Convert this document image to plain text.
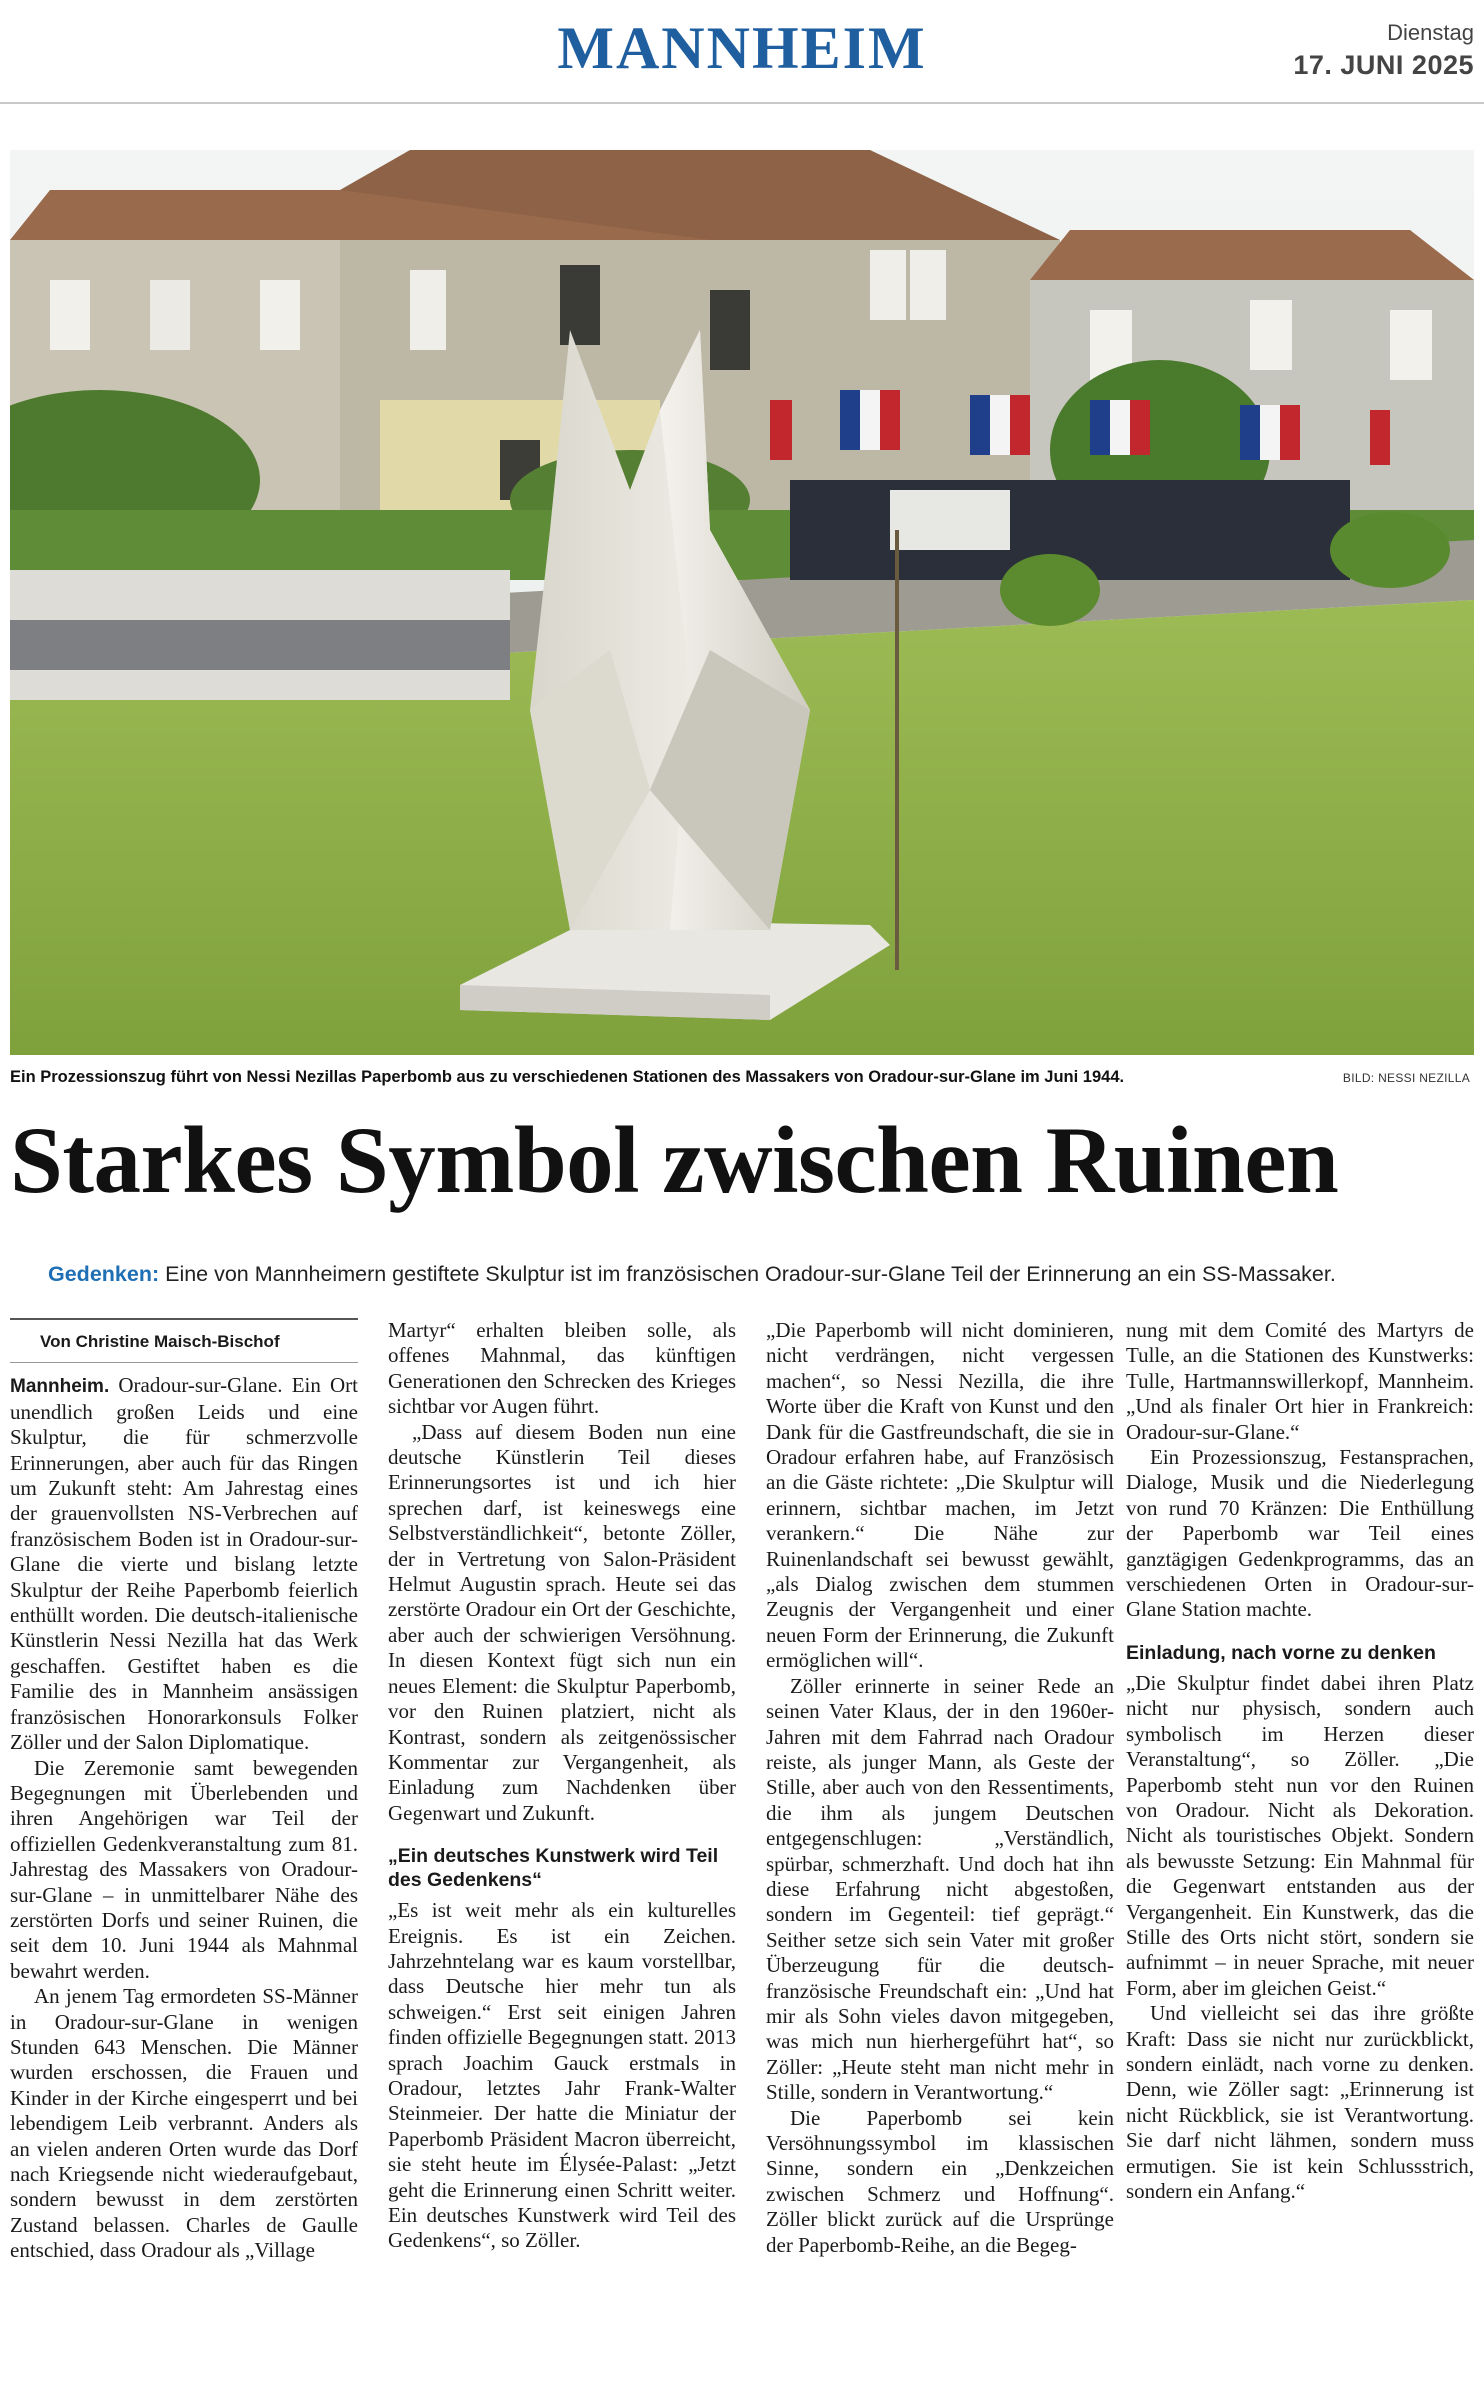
MANNHEIM	Dienstag
17. JUNI 2025
Ein Prozessionszug führt von Nessi Nezillas Paperbomb aus zu verschiedenen Stationen des Massakers von Oradour-sur-Glane im Juni 1944.	BILD: NESSI NEZILLA
Starkes Symbol zwischen Ruinen
Gedenken: Eine von Mannheimern gestiftete Skulptur ist im französischen Oradour-sur-Glane Teil der Erinnerung an ein SS-Massaker.
Von Christine Maisch-Bischof

Mannheim. Oradour-sur-Glane. Ein Ort unendlich großen Leids und eine Skulptur, die für schmerzvolle Erinnerungen, aber auch für das Ringen um Zukunft steht: Am Jahrestag eines der grauenvollsten NS-Verbrechen auf französischem Boden ist in Oradour-sur-Glane die vierte und bislang letzte Skulptur der Reihe Paperbomb feierlich enthüllt worden. Die deutsch-italienische Künstlerin Nessi Nezilla hat das Werk geschaffen. Gestiftet haben es die Familie des in Mannheim ansässigen französischen Honorarkonsuls Folker Zöller und der Salon Diplomatique.

Die Zeremonie samt bewegenden Begegnungen mit Überlebenden und ihren Angehörigen war Teil der offiziellen Gedenkveranstaltung zum 81. Jahrestag des Massakers von Oradour-sur-Glane – in unmittelbarer Nähe des zerstörten Dorfs und seiner Ruinen, die seit dem 10. Juni 1944 als Mahnmal bewahrt werden.

An jenem Tag ermordeten SS-Männer in Oradour-sur-Glane in wenigen Stunden 643 Menschen. Die Männer wurden erschossen, die Frauen und Kinder in der Kirche eingesperrt und bei lebendigem Leib verbrannt. Anders als an vielen anderen Orten wurde das Dorf nach Kriegsende nicht wiederaufgebaut, sondern bewusst in dem zerstörten Zustand belassen. Charles de Gaulle entschied, dass Oradour als „Village

Martyr“ erhalten bleiben solle, als offenes Mahnmal, das künftigen Generationen den Schrecken des Krieges sichtbar vor Augen führt.

„Dass auf diesem Boden nun eine deutsche Künstlerin Teil dieses Erinnerungsortes ist und ich hier sprechen darf, ist keineswegs eine Selbstverständlichkeit“, betonte Zöller, der in Vertretung von Salon-Präsident Helmut Augustin sprach. Heute sei das zerstörte Oradour ein Ort der Geschichte, aber auch der schwierigen Versöhnung. In diesen Kontext fügt sich nun ein neues Element: die Skulptur Paperbomb, vor den Ruinen platziert, nicht als Kontrast, sondern als zeitgenössischer Kommentar zur Vergangenheit, als Einladung zum Nachdenken über Gegenwart und Zukunft.

„Ein deutsches Kunstwerk wird Teil des Gedenkens“

„Es ist weit mehr als ein kulturelles Ereignis. Es ist ein Zeichen. Jahrzehntelang war es kaum vorstellbar, dass Deutsche hier mehr tun als schweigen.“ Erst seit einigen Jahren finden offizielle Begegnungen statt. 2013 sprach Joachim Gauck erstmals in Oradour, letztes Jahr Frank-Walter Steinmeier. Der hatte die Miniatur der Paperbomb Präsident Macron überreicht, sie steht heute im Élysée-Palast: „Jetzt geht die Erinnerung einen Schritt weiter. Ein deutsches Kunstwerk wird Teil des Gedenkens“, so Zöller.

„Die Paperbomb will nicht dominieren, nicht verdrängen, nicht vergessen machen“, so Nessi Nezilla, die ihre Worte über die Kraft von Kunst und den Dank für die Gastfreundschaft, die sie in Oradour erfahren habe, auf Französisch an die Gäste richtete: „Die Skulptur will erinnern, sichtbar machen, im Jetzt verankern.“ Die Nähe zur Ruinenlandschaft sei bewusst gewählt, „als Dialog zwischen dem stummen Zeugnis der Vergangenheit und einer neuen Form der Erinnerung, die Zukunft ermöglichen will“.

Zöller erinnerte in seiner Rede an seinen Vater Klaus, der in den 1960er-Jahren mit dem Fahrrad nach Oradour reiste, als junger Mann, als Geste der Stille, aber auch von den Ressentiments, die ihm als jungem Deutschen entgegenschlugen: „Verständlich, spürbar, schmerzhaft. Und doch hat ihn diese Erfahrung nicht abgestoßen, sondern im Gegenteil: tief geprägt.“ Seither setze sich sein Vater mit großer Überzeugung für die deutsch-französische Freundschaft ein: „Und hat mir als Sohn vieles davon mitgegeben, was mich nun hierhergeführt hat“, so Zöller: „Heute steht man nicht mehr in Stille, sondern in Verantwortung.“

Die Paperbomb sei kein Versöhnungssymbol im klassischen Sinne, sondern ein „Denkzeichen zwischen Schmerz und Hoffnung“. Zöller blickt zurück auf die Ursprünge der Paperbomb-Reihe, an die Begeg-

nung mit dem Comité des Martyrs de Tulle, an die Stationen des Kunstwerks: Tulle, Hartmannswillerkopf, Mannheim. „Und als finaler Ort hier in Frankreich: Oradour-sur-Glane.“

Ein Prozessionszug, Festansprachen, Dialoge, Musik und die Niederlegung von rund 70 Kränzen: Die Enthüllung der Paperbomb war Teil eines ganztägigen Gedenkprogramms, das an verschiedenen Orten in Oradour-sur-Glane Station machte.

Einladung, nach vorne zu denken

„Die Skulptur findet dabei ihren Platz nicht nur physisch, sondern auch symbolisch im Herzen dieser Veranstaltung“, so Zöller. „Die Paperbomb steht nun vor den Ruinen von Oradour. Nicht als Dekoration. Nicht als touristisches Objekt. Sondern als bewusste Setzung: Ein Mahnmal für die Gegenwart entstanden aus der Vergangenheit. Ein Kunstwerk, das die Stille des Orts nicht stört, sondern sie aufnimmt – in neuer Sprache, mit neuer Form, aber im gleichen Geist.“

Und vielleicht sei das ihre größte Kraft: Dass sie nicht nur zurückblickt, sondern einlädt, nach vorne zu denken. Denn, wie Zöller sagt: „Erinnerung ist nicht Rückblick, sie ist Verantwortung. Sie darf nicht lähmen, sondern muss ermutigen. Sie ist kein Schlussstrich, sondern ein Anfang.“
